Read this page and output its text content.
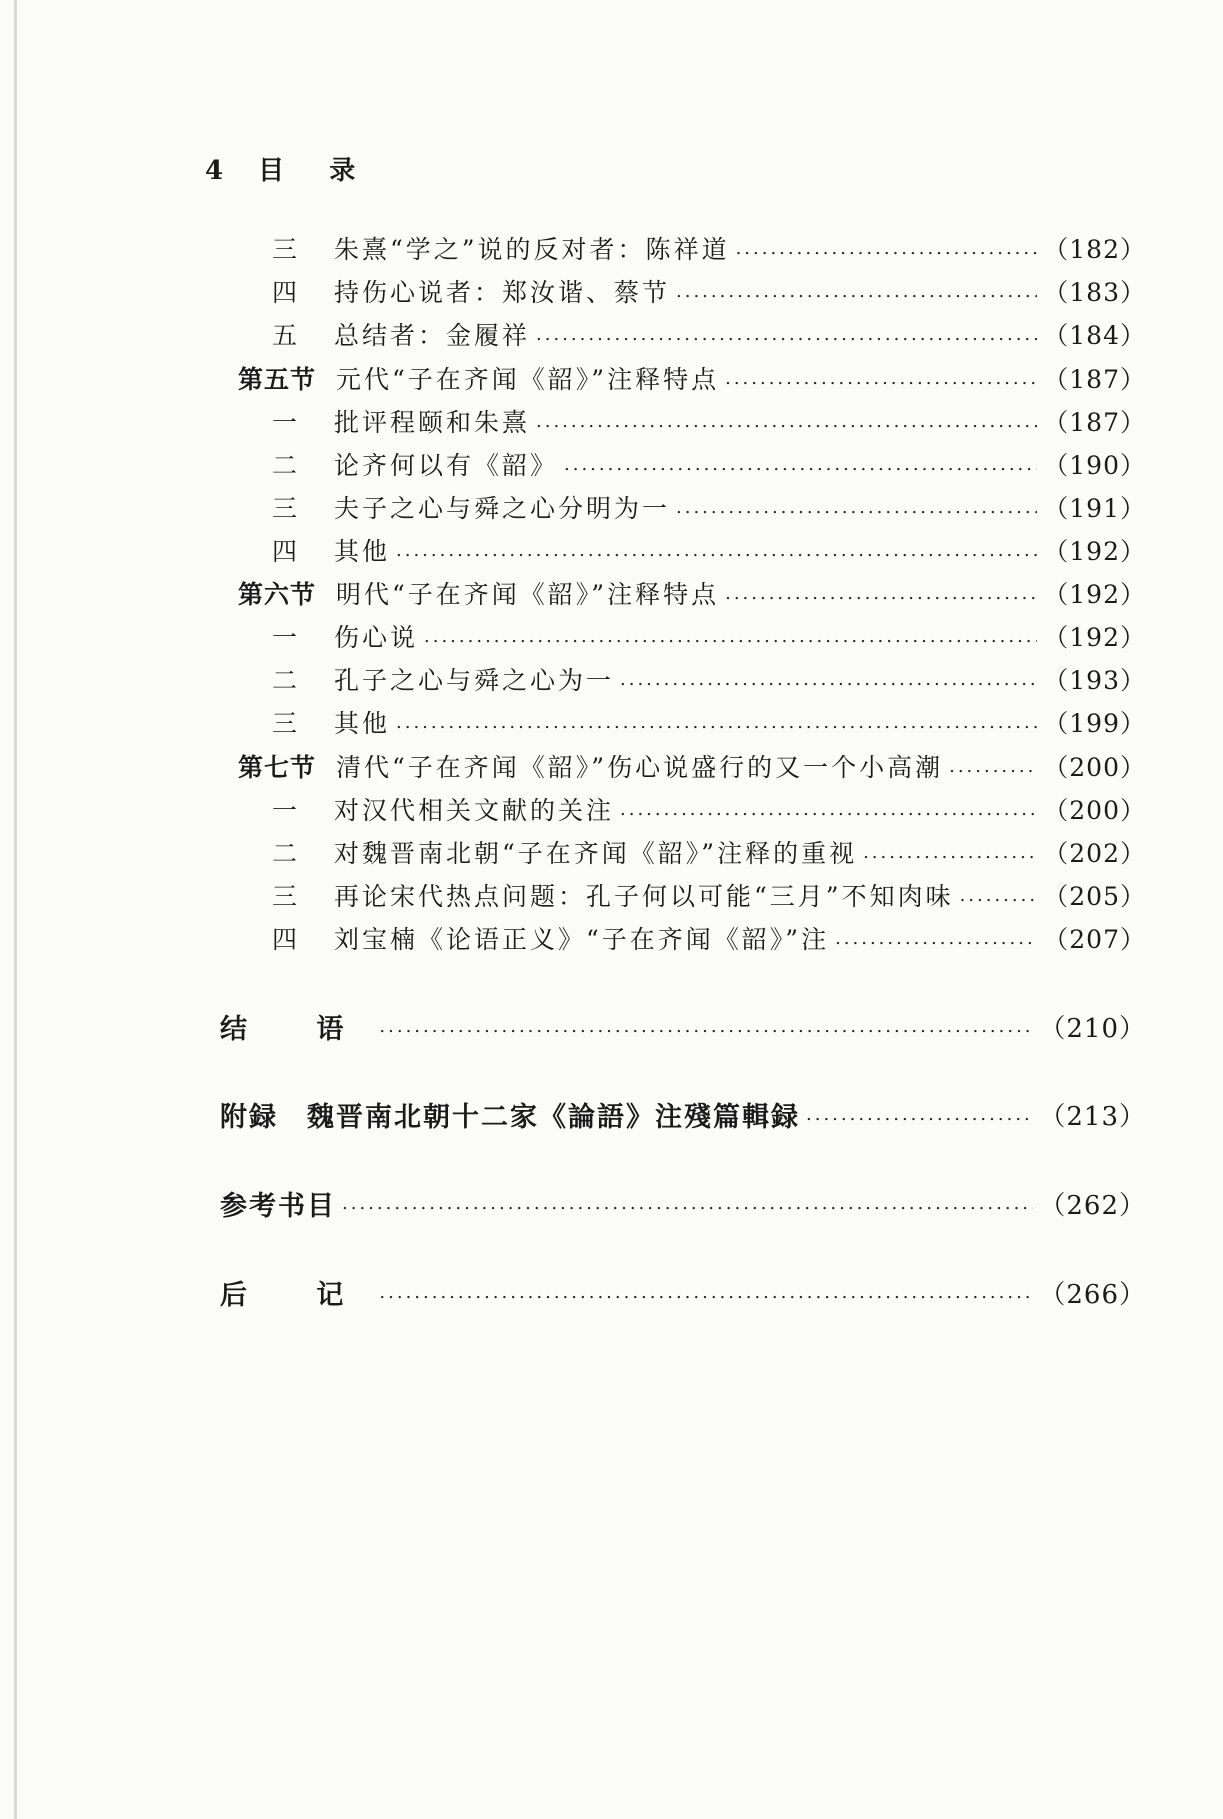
4 目 录
三	朱熹“学之”说的反对者：陈祥道 .....	（182）
四	持伤心说者：郑汝谐、蔡节 .....	（183）
五	总结者：金履祥 .....	（184）
第五节 元代“子在齐闻《韶》”注释特点 .....	（187）
一	批评程颐和朱熹 .....	（187）
二	论齐何以有《韶》 .....	（190）
三	夫子之心与舜之心分明为一 .....	（191）
四	其他 .....	（192）
第六节 明代“子在齐闻《韶》”注释特点 .....	（192）
一	伤心说 .....	（192）
二	孔子之心与舜之心为一 .....	（193）
三	其他 .....	（199）
第七节 清代“子在齐闻《韶》”伤心说盛行的又一个小高潮 .....	（200）
一	对汉代相关文献的关注 .....	（200）
二	对魏晋南北朝“子在齐闻《韶》”注释的重视 .....	（202）
三	再论宋代热点问题：孔子何以可能“三月”不知肉味 .....	（205）
四	刘宝楠《论语正义》“子在齐闻《韶》”注 .....	（207）
结 语 .....	（210）
附録　魏晋南北朝十二家《論語》注殘篇輯録 .....	（213）
参考书目 .....	（262）
后 记 .....	（266）
